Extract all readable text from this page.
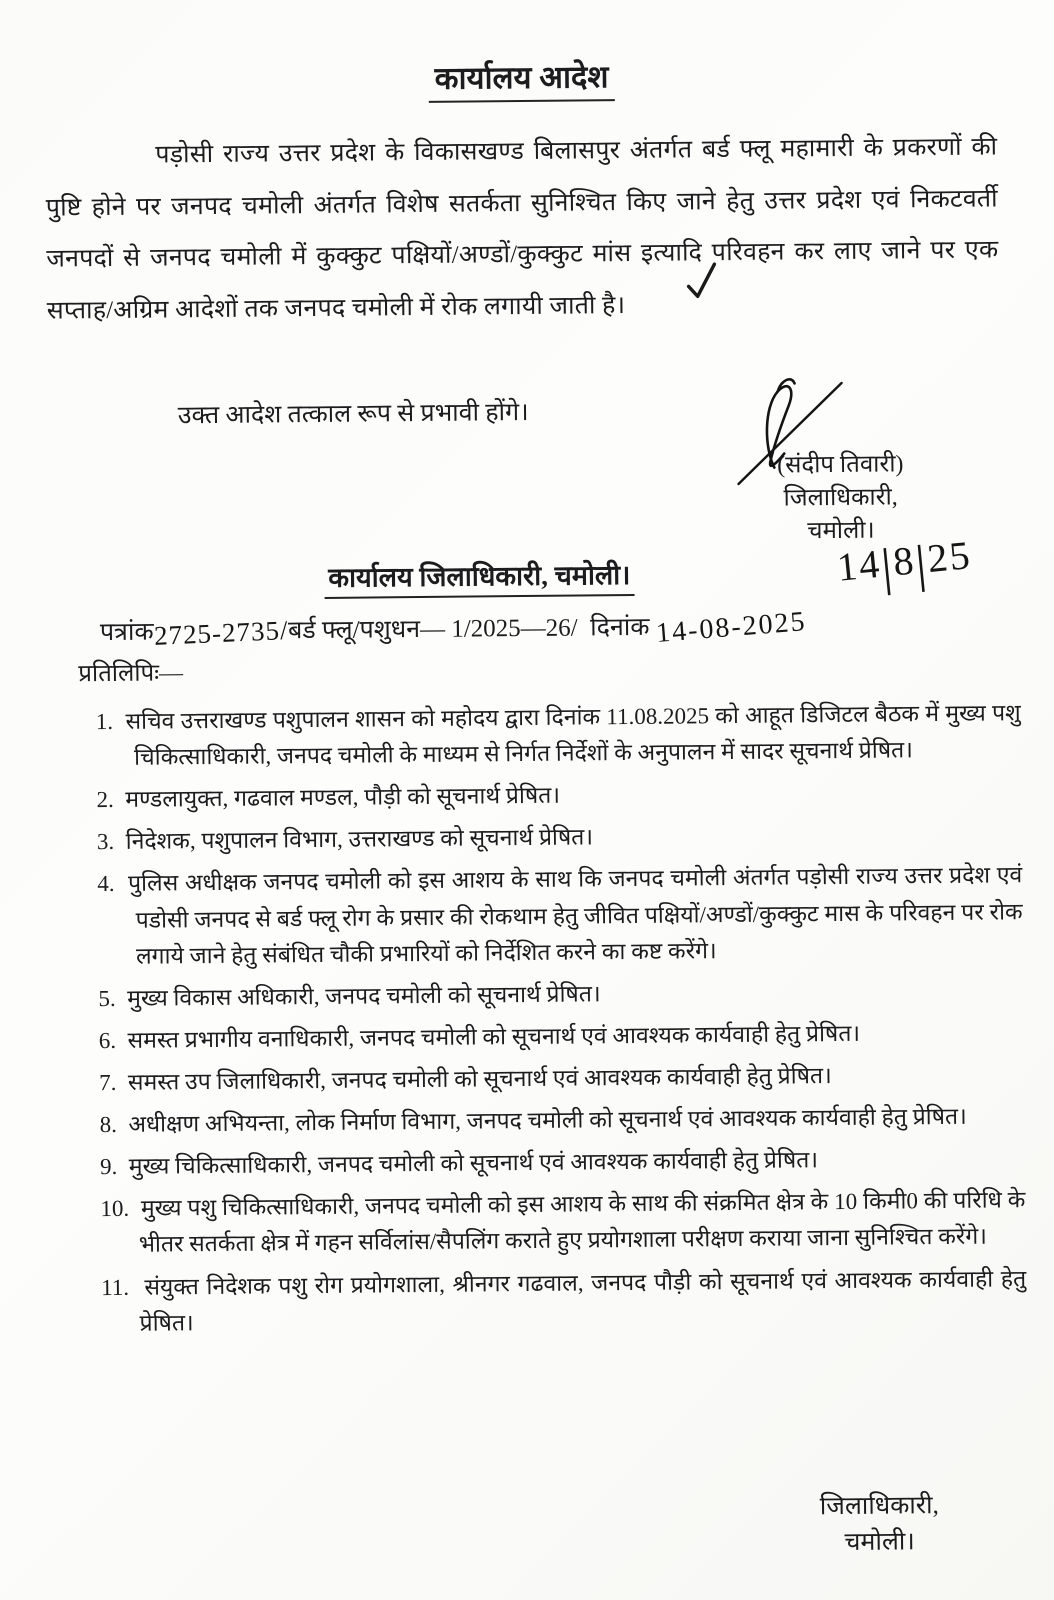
कार्यालय आदेश
पड़ोसी राज्य उत्तर प्रदेश के विकासखण्ड बिलासपुर अंतर्गत बर्ड फ्लू महामारी के प्रकरणों की पुष्टि होने पर जनपद चमोली अंतर्गत विशेष सतर्कता सुनिश्चित किए जाने हेतु उत्तर प्रदेश एवं निकटवर्ती जनपदों से जनपद चमोली में कुक्कुट पक्षियों/अण्डों/कुक्कुट मांस इत्यादि परिवहन कर लाए जाने पर एक सप्ताह/अग्रिम आदेशों तक जनपद चमोली में रोक लगायी जाती है।
उक्त आदेश तत्काल रूप से प्रभावी होंगे।
(संदीप तिवारी)
जिलाधिकारी,
चमोली।
14|8|25
कार्यालय जिलाधिकारी, चमोली।
पत्रांक2725-2735/बर्ड फ्लू/पशुधन— 1/2025—26/ दिनांक 14-08-2025
प्रतिलिपिः—
सचिव उत्तराखण्ड पशुपालन शासन को महोदय द्वारा दिनांक 11.08.2025 को आहूत डिजिटल बैठक में मुख्य पशु चिकित्साधिकारी, जनपद चमोली के माध्यम से निर्गत निर्देशों के अनुपालन में सादर सूचनार्थ प्रेषित।
मण्डलायुक्त, गढवाल मण्डल, पौड़ी को सूचनार्थ प्रेषित।
निदेशक, पशुपालन विभाग, उत्तराखण्ड को सूचनार्थ प्रेषित।
पुलिस अधीक्षक जनपद चमोली को इस आशय के साथ कि जनपद चमोली अंतर्गत पड़ोसी राज्य उत्तर प्रदेश एवं पडोसी जनपद से बर्ड फ्लू रोग के प्रसार की रोकथाम हेतु जीवित पक्षियों/अण्डों/कुक्कुट मास के परिवहन पर रोक लगाये जाने हेतु संबंधित चौकी प्रभारियों को निर्देशित करने का कष्ट करेंगे।
मुख्य विकास अधिकारी, जनपद चमोली को सूचनार्थ प्रेषित।
समस्त प्रभागीय वनाधिकारी, जनपद चमोली को सूचनार्थ एवं आवश्यक कार्यवाही हेतु प्रेषित।
समस्त उप जिलाधिकारी, जनपद चमोली को सूचनार्थ एवं आवश्यक कार्यवाही हेतु प्रेषित।
अधीक्षण अभियन्ता, लोक निर्माण विभाग, जनपद चमोली को सूचनार्थ एवं आवश्यक कार्यवाही हेतु प्रेषित।
मुख्य चिकित्साधिकारी, जनपद चमोली को सूचनार्थ एवं आवश्यक कार्यवाही हेतु प्रेषित।
मुख्य पशु चिकित्साधिकारी, जनपद चमोली को इस आशय के साथ की संक्रमित क्षेत्र के 10 किमी0 की परिधि के भीतर सतर्कता क्षेत्र में गहन सर्विलांस/सैपलिंग कराते हुए प्रयोगशाला परीक्षण कराया जाना सुनिश्चित करेंगे।
संयुक्त निदेशक पशु रोग प्रयोगशाला, श्रीनगर गढवाल, जनपद पौड़ी को सूचनार्थ एवं आवश्यक कार्यवाही हेतु प्रेषित।
जिलाधिकारी,
चमोली।
